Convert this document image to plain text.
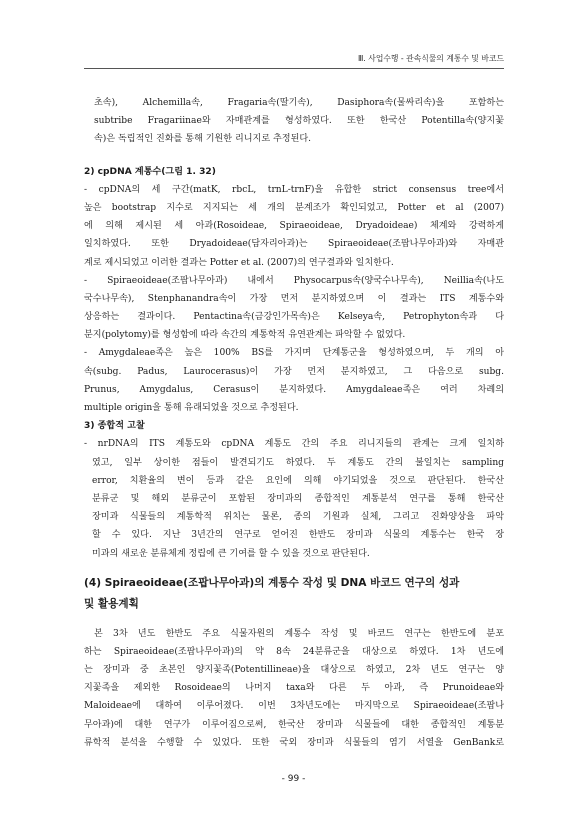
Ⅲ. 사업수행 - 관속식물의 계통수 및 바코드
초속), Alchemilla속, Fragaria속(딸기속), Dasiphora속(물싸리속)을 포함하는
subtribe Fragariinae와 자매관계를 형성하였다. 또한 한국산 Potentilla속(양지꽃
속)은 독립적인 진화를 통해 기원한 리니지로 추정된다.
2) cpDNA 계통수(그림 1. 32)
- cpDNA의 세 구간(matK, rbcL, trnL-trnF)을 유합한 strict consensus tree에서
높은 bootstrap 지수로 지지되는 세 개의 분계조가 확인되었고, Potter et al (2007)
에 의해 제시된 세 아과(Rosoideae, Spiraeoideae, Dryadoideae) 체계와 강력하게
일치하였다. 또한 Dryadoideae(담자리아과)는 Spiraeoideae(조팝나무아과)와 자매관
계로 제시되었고 이러한 결과는 Potter et al. (2007)의 연구결과와 일치한다.
- Spiraeoideae(조팝나무아과) 내에서 Physocarpus속(양국수나무속), Neillia속(나도
국수나무속), Stenphanandra속이 가장 먼저 분지하였으며 이 결과는 ITS 계통수와
상응하는 결과이다. Pentactina속(금강인가목속)은 Kelseya속, Petrophyton속과 다
분지(polytomy)를 형성함에 따라 속간의 계통학적 유연관계는 파악할 수 없었다.
- Amygdaleae족은 높은 100% BS를 가지며 단계통군을 형성하였으며, 두 개의 아
속(subg. Padus, Laurocerasus)이 가장 먼저 분지하였고, 그 다음으로 subg.
Prunus, Amygdalus, Cerasus이 분지하였다. Amygdaleae족은 여러 차례의
multiple origin을 통해 유래되었을 것으로 추정된다.
3) 종합적 고찰
- nrDNA의 ITS 계통도와 cpDNA 계통도 간의 주요 리니지들의 관계는 크게 일치하
였고, 일부 상이한 점들이 발견되기도 하였다. 두 계통도 간의 불일치는 sampling
error, 치환율의 변이 등과 같은 요인에 의해 야기되었을 것으로 판단된다. 한국산
분류군 및 해외 분류군이 포함된 장미과의 종합적인 계통분석 연구를 통해 한국산
장미과 식물들의 계통학적 위치는 물론, 종의 기원과 실체, 그리고 진화양상을 파악
할 수 있다. 지난 3년간의 연구로 얻어진 한반도 장미과 식물의 계통수는 한국 장
미과의 새로운 분류체계 정립에 큰 기여를 할 수 있을 것으로 판단된다.
(4) Spiraeoideae(조팝나무아과)의 계통수 작성 및 DNA 바코드 연구의 성과
및 활용계획
본 3차 년도 한반도 주요 식물자원의 계통수 작성 및 바코드 연구는 한반도에 분포
하는 Spiraeoideae(조팝나무아과)의 약 8속 24분류군을 대상으로 하였다. 1차 년도에
는 장미과 중 초본인 양지꽃족(Potentillineae)을 대상으로 하였고, 2차 년도 연구는 양
지꽃족을 제외한 Rosoideae의 나머지 taxa와 다른 두 아과, 즉 Prunoideae와
Maloideae에 대하여 이루어졌다. 이번 3차년도에는 마지막으로 Spiraeoideae(조팝나
무아과)에 대한 연구가 이루어짐으로써, 한국산 장미과 식물들에 대한 종합적인 계통분
류학적 분석을 수행할 수 있었다. 또한 국외 장미과 식물들의 염기 서열을 GenBank로
- 99 -
